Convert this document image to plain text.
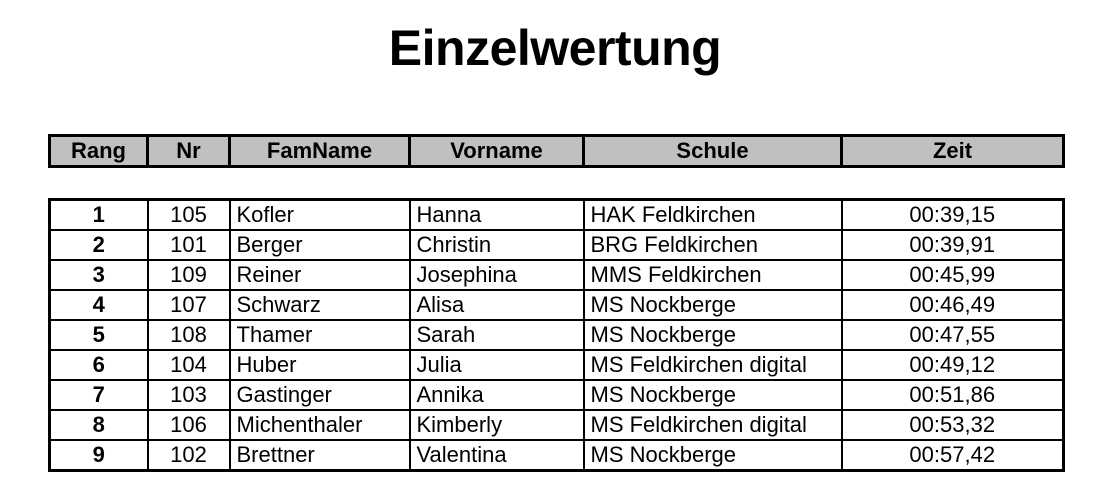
Einzelwertung
Rang	Nr	FamName	Vorname	Schule	Zeit

1	105	Kofler	Hanna	HAK Feldkirchen	00:39,15
2	101	Berger	Christin	BRG Feldkirchen	00:39,91
3	109	Reiner	Josephina	MMS Feldkirchen	00:45,99
4	107	Schwarz	Alisa	MS Nockberge	00:46,49
5	108	Thamer	Sarah	MS Nockberge	00:47,55
6	104	Huber	Julia	MS Feldkirchen digital	00:49,12
7	103	Gastinger	Annika	MS Nockberge	00:51,86
8	106	Michenthaler	Kimberly	MS Feldkirchen digital	00:53,32
9	102	Brettner	Valentina	MS Nockberge	00:57,42
